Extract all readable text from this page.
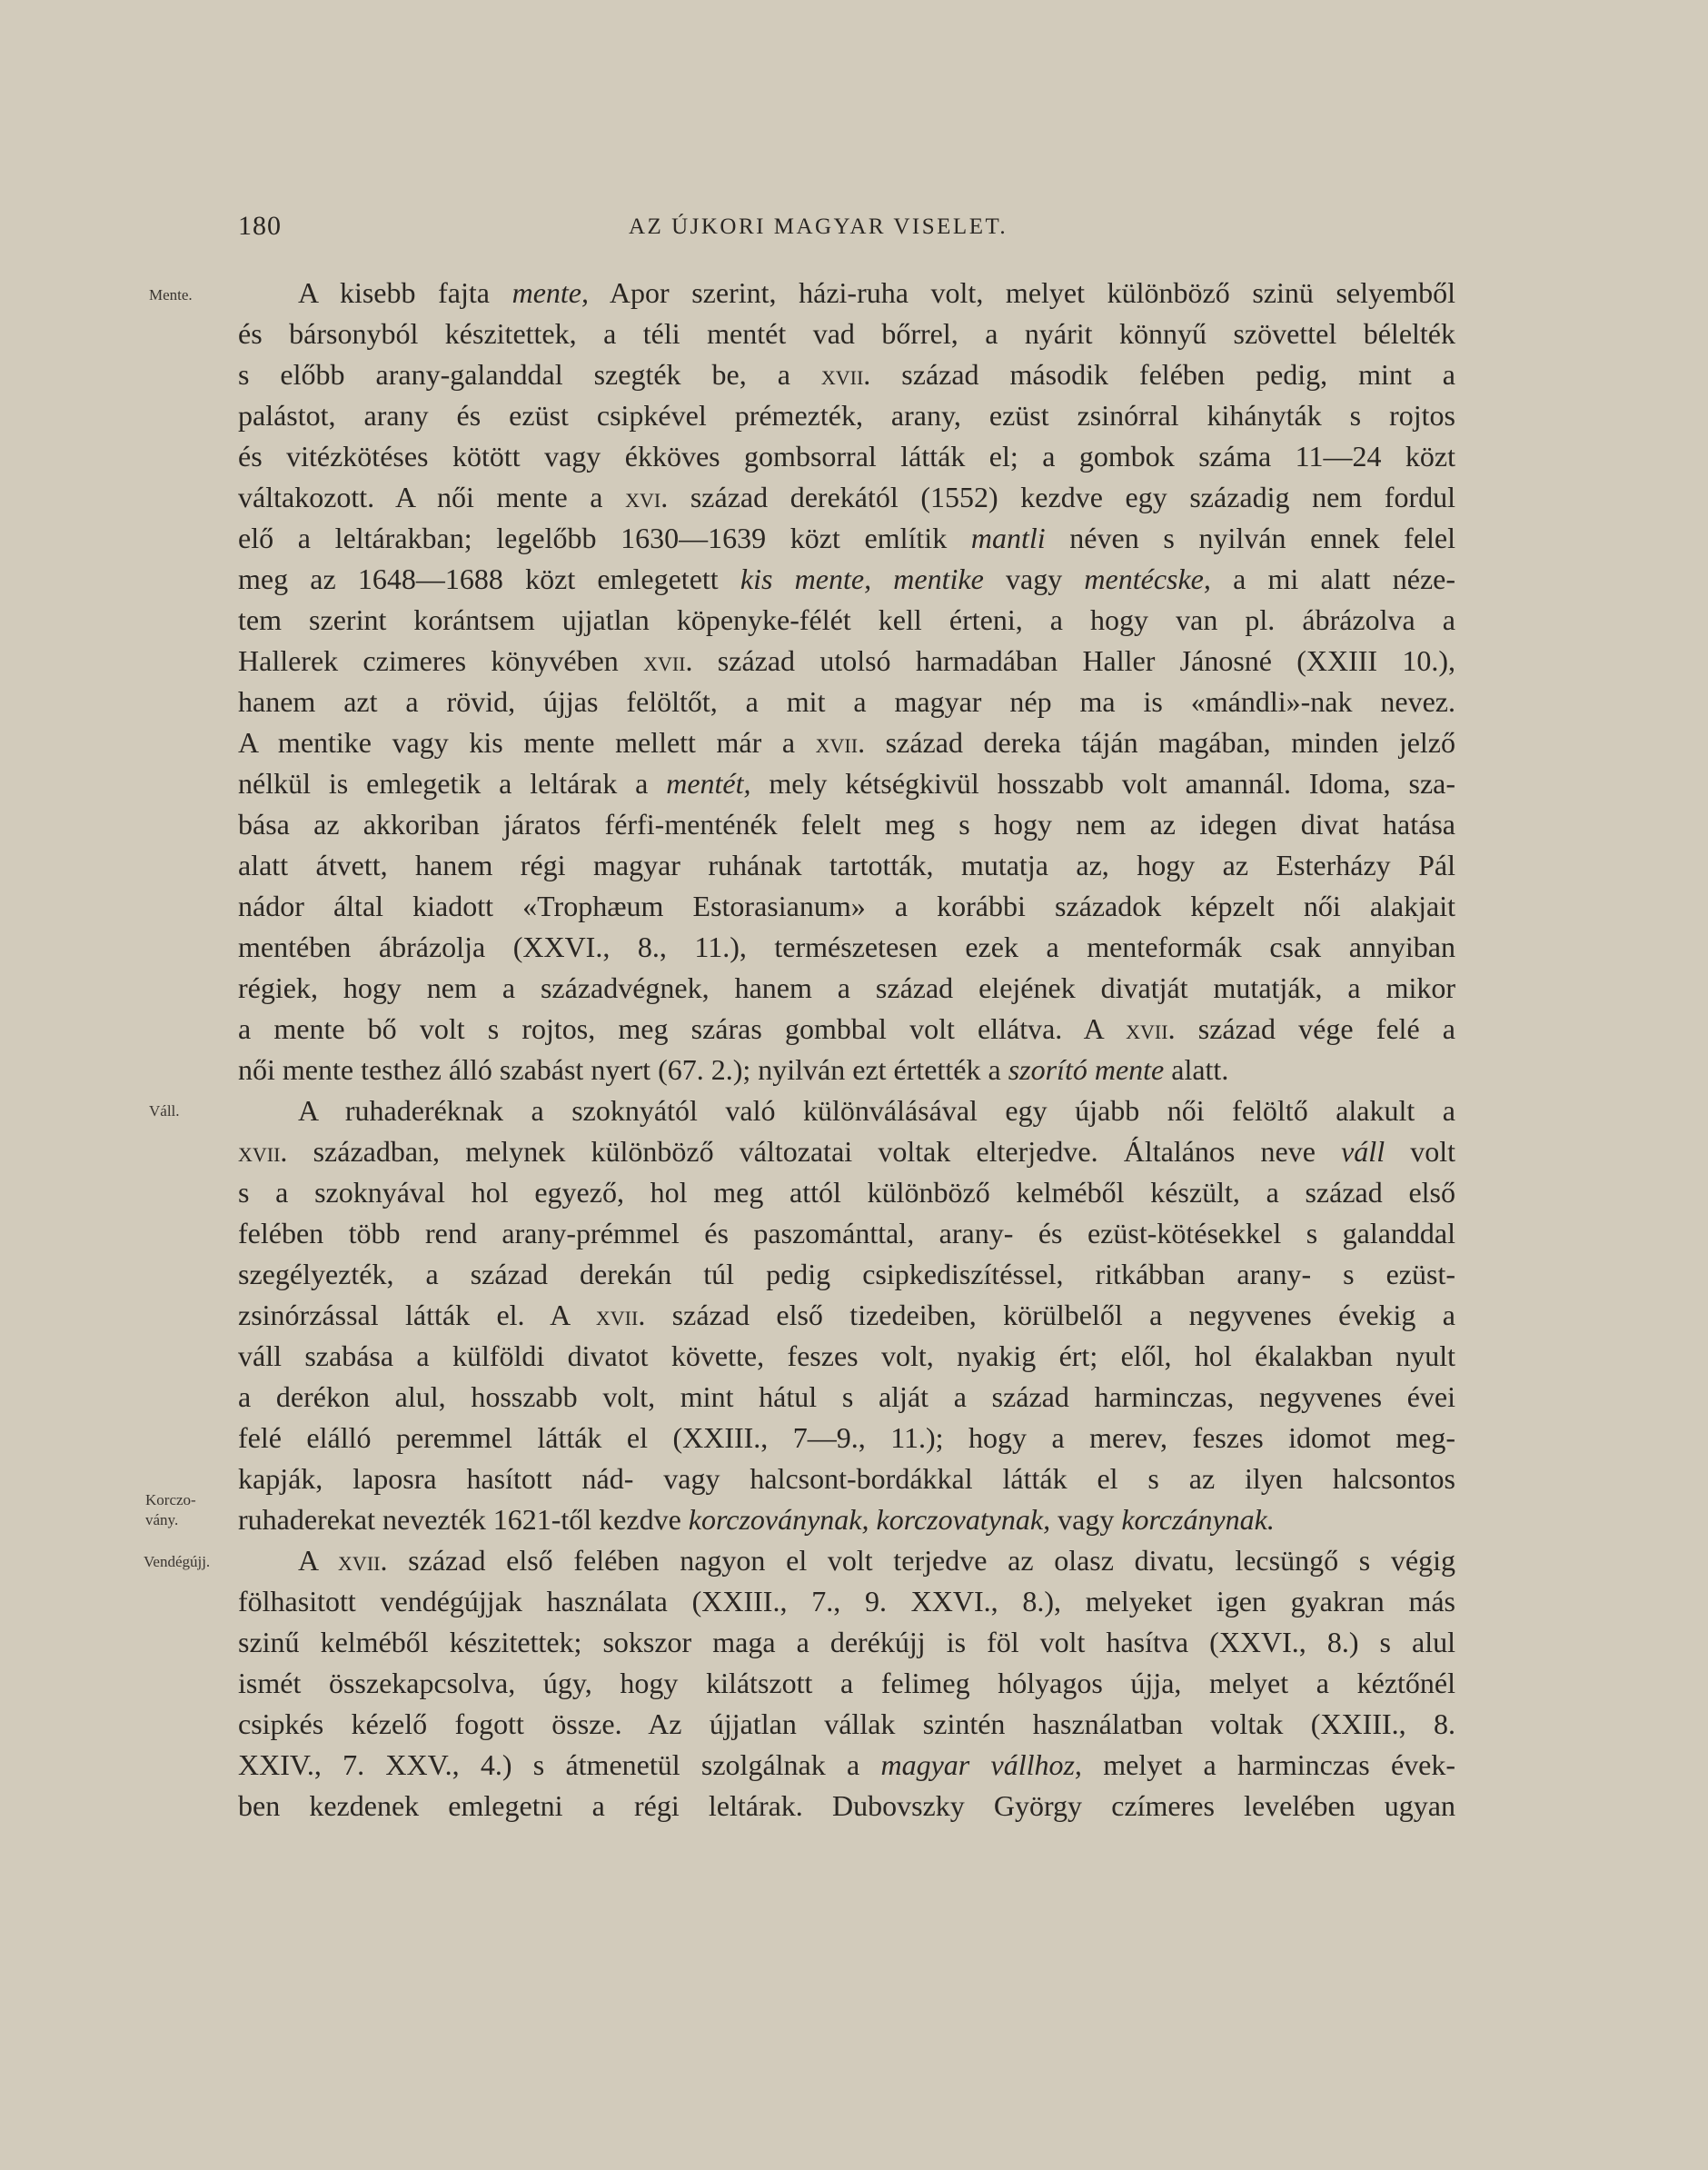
180	AZ ÚJKORI MAGYAR VISELET.
Mente.
Váll.
Korczo-
vány.
Vendégújj.
A kisebb fajta mente, Apor szerint, házi-ruha volt, melyet különböző szinü selyemből
és bársonyból készitettek, a téli mentét vad bőrrel, a nyárit könnyű szövettel bélelték
s előbb arany-galanddal szegték be, a xvii. század második felében pedig, mint a
palástot, arany és ezüst csipkével prémezték, arany, ezüst zsinórral kihányták s rojtos
és vitézkötéses kötött vagy ékköves gombsorral látták el; a gombok száma 11—24 közt
váltakozott. A női mente a xvi. század derekától (1552) kezdve egy századig nem fordul
elő a leltárakban; legelőbb 1630—1639 közt említik mantli néven s nyilván ennek felel
meg az 1648—1688 közt emlegetett kis mente, mentike vagy mentécske, a mi alatt néze-
tem szerint korántsem ujjatlan köpenyke-félét kell érteni, a hogy van pl. ábrázolva a
Hallerek czimeres könyvében xvii. század utolsó harmadában Haller Jánosné (XXIII 10.),
hanem azt a rövid, újjas felöltőt, a mit a magyar nép ma is «mándli»-nak nevez.
A mentike vagy kis mente mellett már a xvii. század dereka táján magában, minden jelző
nélkül is emlegetik a leltárak a mentét, mely kétségkivül hosszabb volt amannál. Idoma, sza-
bása az akkoriban járatos férfi-menténék felelt meg s hogy nem az idegen divat hatása
alatt átvett, hanem régi magyar ruhának tartották, mutatja az, hogy az Esterházy Pál
nádor által kiadott «Trophæum Estorasianum» a korábbi századok képzelt női alakjait
mentében ábrázolja (XXVI., 8., 11.), természetesen ezek a menteformák csak annyiban
régiek, hogy nem a századvégnek, hanem a század elejének divatját mutatják, a mikor
a mente bő volt s rojtos, meg száras gombbal volt ellátva. A xvii. század vége felé a
női mente testhez álló szabást nyert (67. 2.); nyilván ezt értették a szorító mente alatt.
A ruhaderéknak a szoknyától való különválásával egy újabb női felöltő alakult a
xvii. században, melynek különböző változatai voltak elterjedve. Általános neve váll volt
s a szoknyával hol egyező, hol meg attól különböző kelméből készült, a század első
felében több rend arany-prémmel és paszománttal, arany- és ezüst-kötésekkel s galanddal
szegélyezték, a század derekán túl pedig csipkediszítéssel, ritkábban arany- s ezüst-
zsinórzással látták el. A xvii. század első tizedeiben, körülbelől a negyvenes évekig a
váll szabása a külföldi divatot követte, feszes volt, nyakig ért; elől, hol ékalakban nyult
a derékon alul, hosszabb volt, mint hátul s alját a század harminczas, negyvenes évei
felé elálló peremmel látták el (XXIII., 7—9., 11.); hogy a merev, feszes idomot meg-
kapják, laposra hasított nád- vagy halcsont-bordákkal látták el s az ilyen halcsontos
ruhaderekat nevezték 1621-től kezdve korczoványnak, korczovatynak, vagy korczánynak.
A xvii. század első felében nagyon el volt terjedve az olasz divatu, lecsüngő s végig
fölhasitott vendégújjak használata (XXIII., 7., 9. XXVI., 8.), melyeket igen gyakran más
szinű kelméből készitettek; sokszor maga a derékújj is föl volt hasítva (XXVI., 8.) s alul
ismét összekapcsolva, úgy, hogy kilátszott a felimeg hólyagos újja, melyet a kéztőnél
csipkés kézelő fogott össze. Az újjatlan vállak szintén használatban voltak (XXIII., 8.
XXIV., 7. XXV., 4.) s átmenetül szolgálnak a magyar vállhoz, melyet a harminczas évek-
ben kezdenek emlegetni a régi leltárak. Dubovszky György czímeres levelében ugyan
